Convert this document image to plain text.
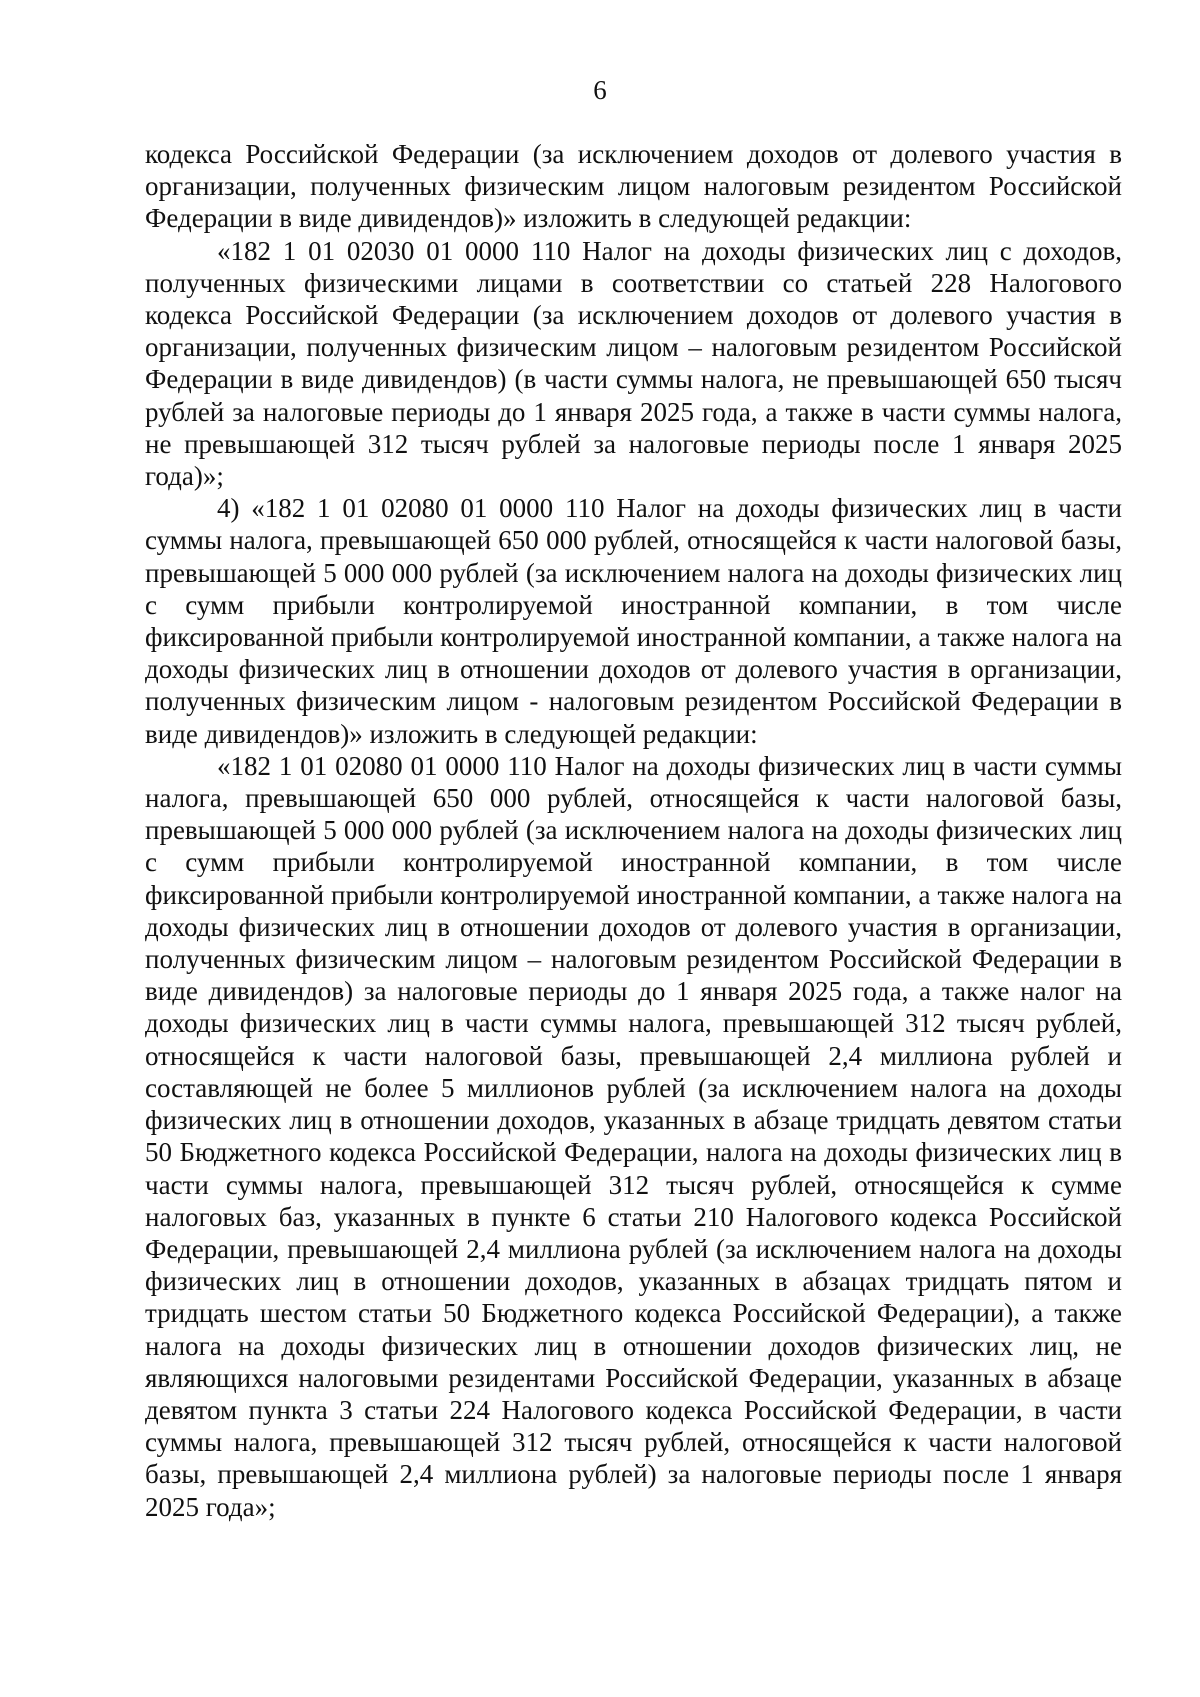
6

кодекса Российской Федерации (за исключением доходов от долевого участия в организации, полученных физическим лицом налоговым резидентом Российской Федерации в виде дивидендов)» изложить в следующей редакции:

«182 1 01 02030 01 0000 110 Налог на доходы физических лиц с доходов, полученных физическими лицами в соответствии со статьей 228 Налогового кодекса Российской Федерации (за исключением доходов от долевого участия в организации, полученных физическим лицом – налоговым резидентом Российской Федерации в виде дивидендов) (в части суммы налога, не превышающей 650 тысяч рублей за налоговые периоды до 1 января 2025 года, а также в части суммы налога, не превышающей 312 тысяч рублей за налоговые периоды после 1 января 2025 года)»;

4) «182 1 01 02080 01 0000 110 Налог на доходы физических лиц в части суммы налога, превышающей 650 000 рублей, относящейся к части налоговой базы, превышающей 5 000 000 рублей (за исключением налога на доходы физических лиц с сумм прибыли контролируемой иностранной компании, в том числе фиксированной прибыли контролируемой иностранной компании, а также налога на доходы физических лиц в отношении доходов от долевого участия в организации, полученных физическим лицом - налоговым резидентом Российской Федерации в виде дивидендов)» изложить в следующей редакции:

«182 1 01 02080 01 0000 110 Налог на доходы физических лиц в части суммы налога, превышающей 650 000 рублей, относящейся к части налоговой базы, превышающей 5 000 000 рублей (за исключением налога на доходы физических лиц с сумм прибыли контролируемой иностранной компании, в том числе фиксированной прибыли контролируемой иностранной компании, а также налога на доходы физических лиц в отношении доходов от долевого участия в организации, полученных физическим лицом – налоговым резидентом Российской Федерации в виде дивидендов) за налоговые периоды до 1 января 2025 года, а также налог на доходы физических лиц в части суммы налога, превышающей 312 тысяч рублей, относящейся к части налоговой базы, превышающей 2,4 миллиона рублей и составляющей не более 5 миллионов рублей (за исключением налога на доходы физических лиц в отношении доходов, указанных в абзаце тридцать девятом статьи 50 Бюджетного кодекса Российской Федерации, налога на доходы физических лиц в части суммы налога, превышающей 312 тысяч рублей, относящейся к сумме налоговых баз, указанных в пункте 6 статьи 210 Налогового кодекса Российской Федерации, превышающей 2,4 миллиона рублей (за исключением налога на доходы физических лиц в отношении доходов, указанных в абзацах тридцать пятом и тридцать шестом статьи 50 Бюджетного кодекса Российской Федерации), а также налога на доходы физических лиц в отношении доходов физических лиц, не являющихся налоговыми резидентами Российской Федерации, указанных в абзаце девятом пункта 3 статьи 224 Налогового кодекса Российской Федерации, в части суммы налога, превышающей 312 тысяч рублей, относящейся к части налоговой базы, превышающей 2,4 миллиона рублей) за налоговые периоды после 1 января 2025 года»;
